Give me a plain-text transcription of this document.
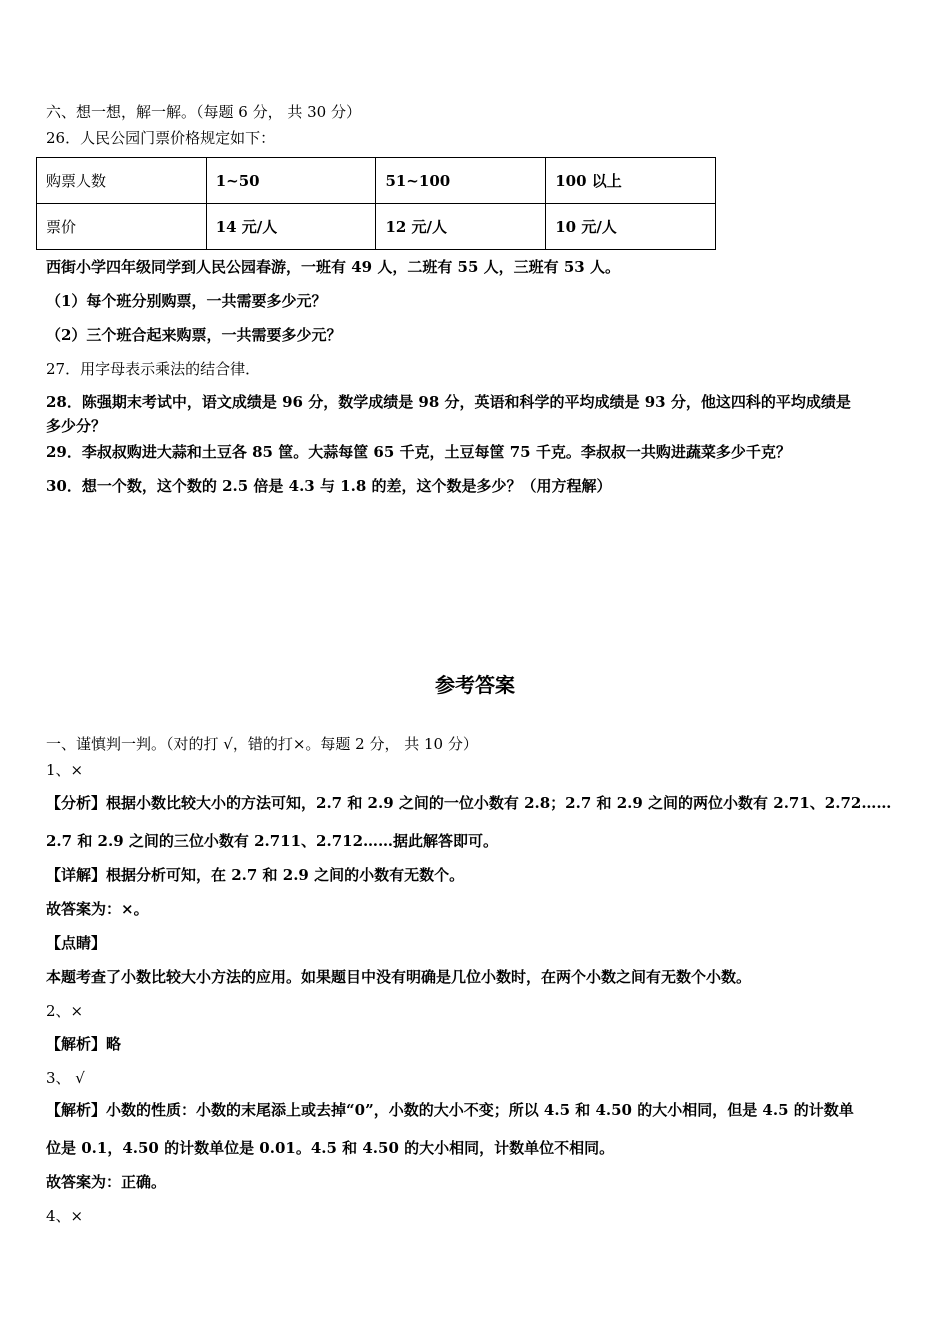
六、想一想，解一解。（每题 6 分， 共 30 分）
26．人民公园门票价格规定如下：
购票人数	1~50	51~100	100 以上
票价	14 元/人	12 元/人	10 元/人
西街小学四年级同学到人民公园春游，一班有 49 人，二班有 55 人，三班有 53 人。
（1）每个班分别购票，一共需要多少元？
（2）三个班合起来购票，一共需要多少元？
27．用字母表示乘法的结合律．
28．陈强期末考试中，语文成绩是 96 分，数学成绩是 98 分，英语和科学的平均成绩是 93 分，他这四科的平均成绩是
多少分？
29．李叔叔购进大蒜和土豆各 85 筐。大蒜每筐 65 千克，土豆每筐 75 千克。李叔叔一共购进蔬菜多少千克？
30．想一个数，这个数的 2.5 倍是 4.3 与 1.8 的差，这个数是多少？（用方程解）
参考答案
一、谨慎判一判。（对的打 √，错的打×。每题 2 分， 共 10 分）
1、×
【分析】根据小数比较大小的方法可知，2.7 和 2.9 之间的一位小数有 2.8；2.7 和 2.9 之间的两位小数有 2.71、2.72……
2.7 和 2.9 之间的三位小数有 2.711、2.712……据此解答即可。
【详解】根据分析可知，在 2.7 和 2.9 之间的小数有无数个。
故答案为：×。
【点睛】
本题考查了小数比较大小方法的应用。如果题目中没有明确是几位小数时，在两个小数之间有无数个小数。
2、×
【解析】略
3、 √
【解析】小数的性质：小数的末尾添上或去掉“0”，小数的大小不变；所以 4.5 和 4.50 的大小相同，但是 4.5 的计数单
位是 0.1，4.50 的计数单位是 0.01。4.5 和 4.50 的大小相同，计数单位不相同。
故答案为：正确。
4、×
